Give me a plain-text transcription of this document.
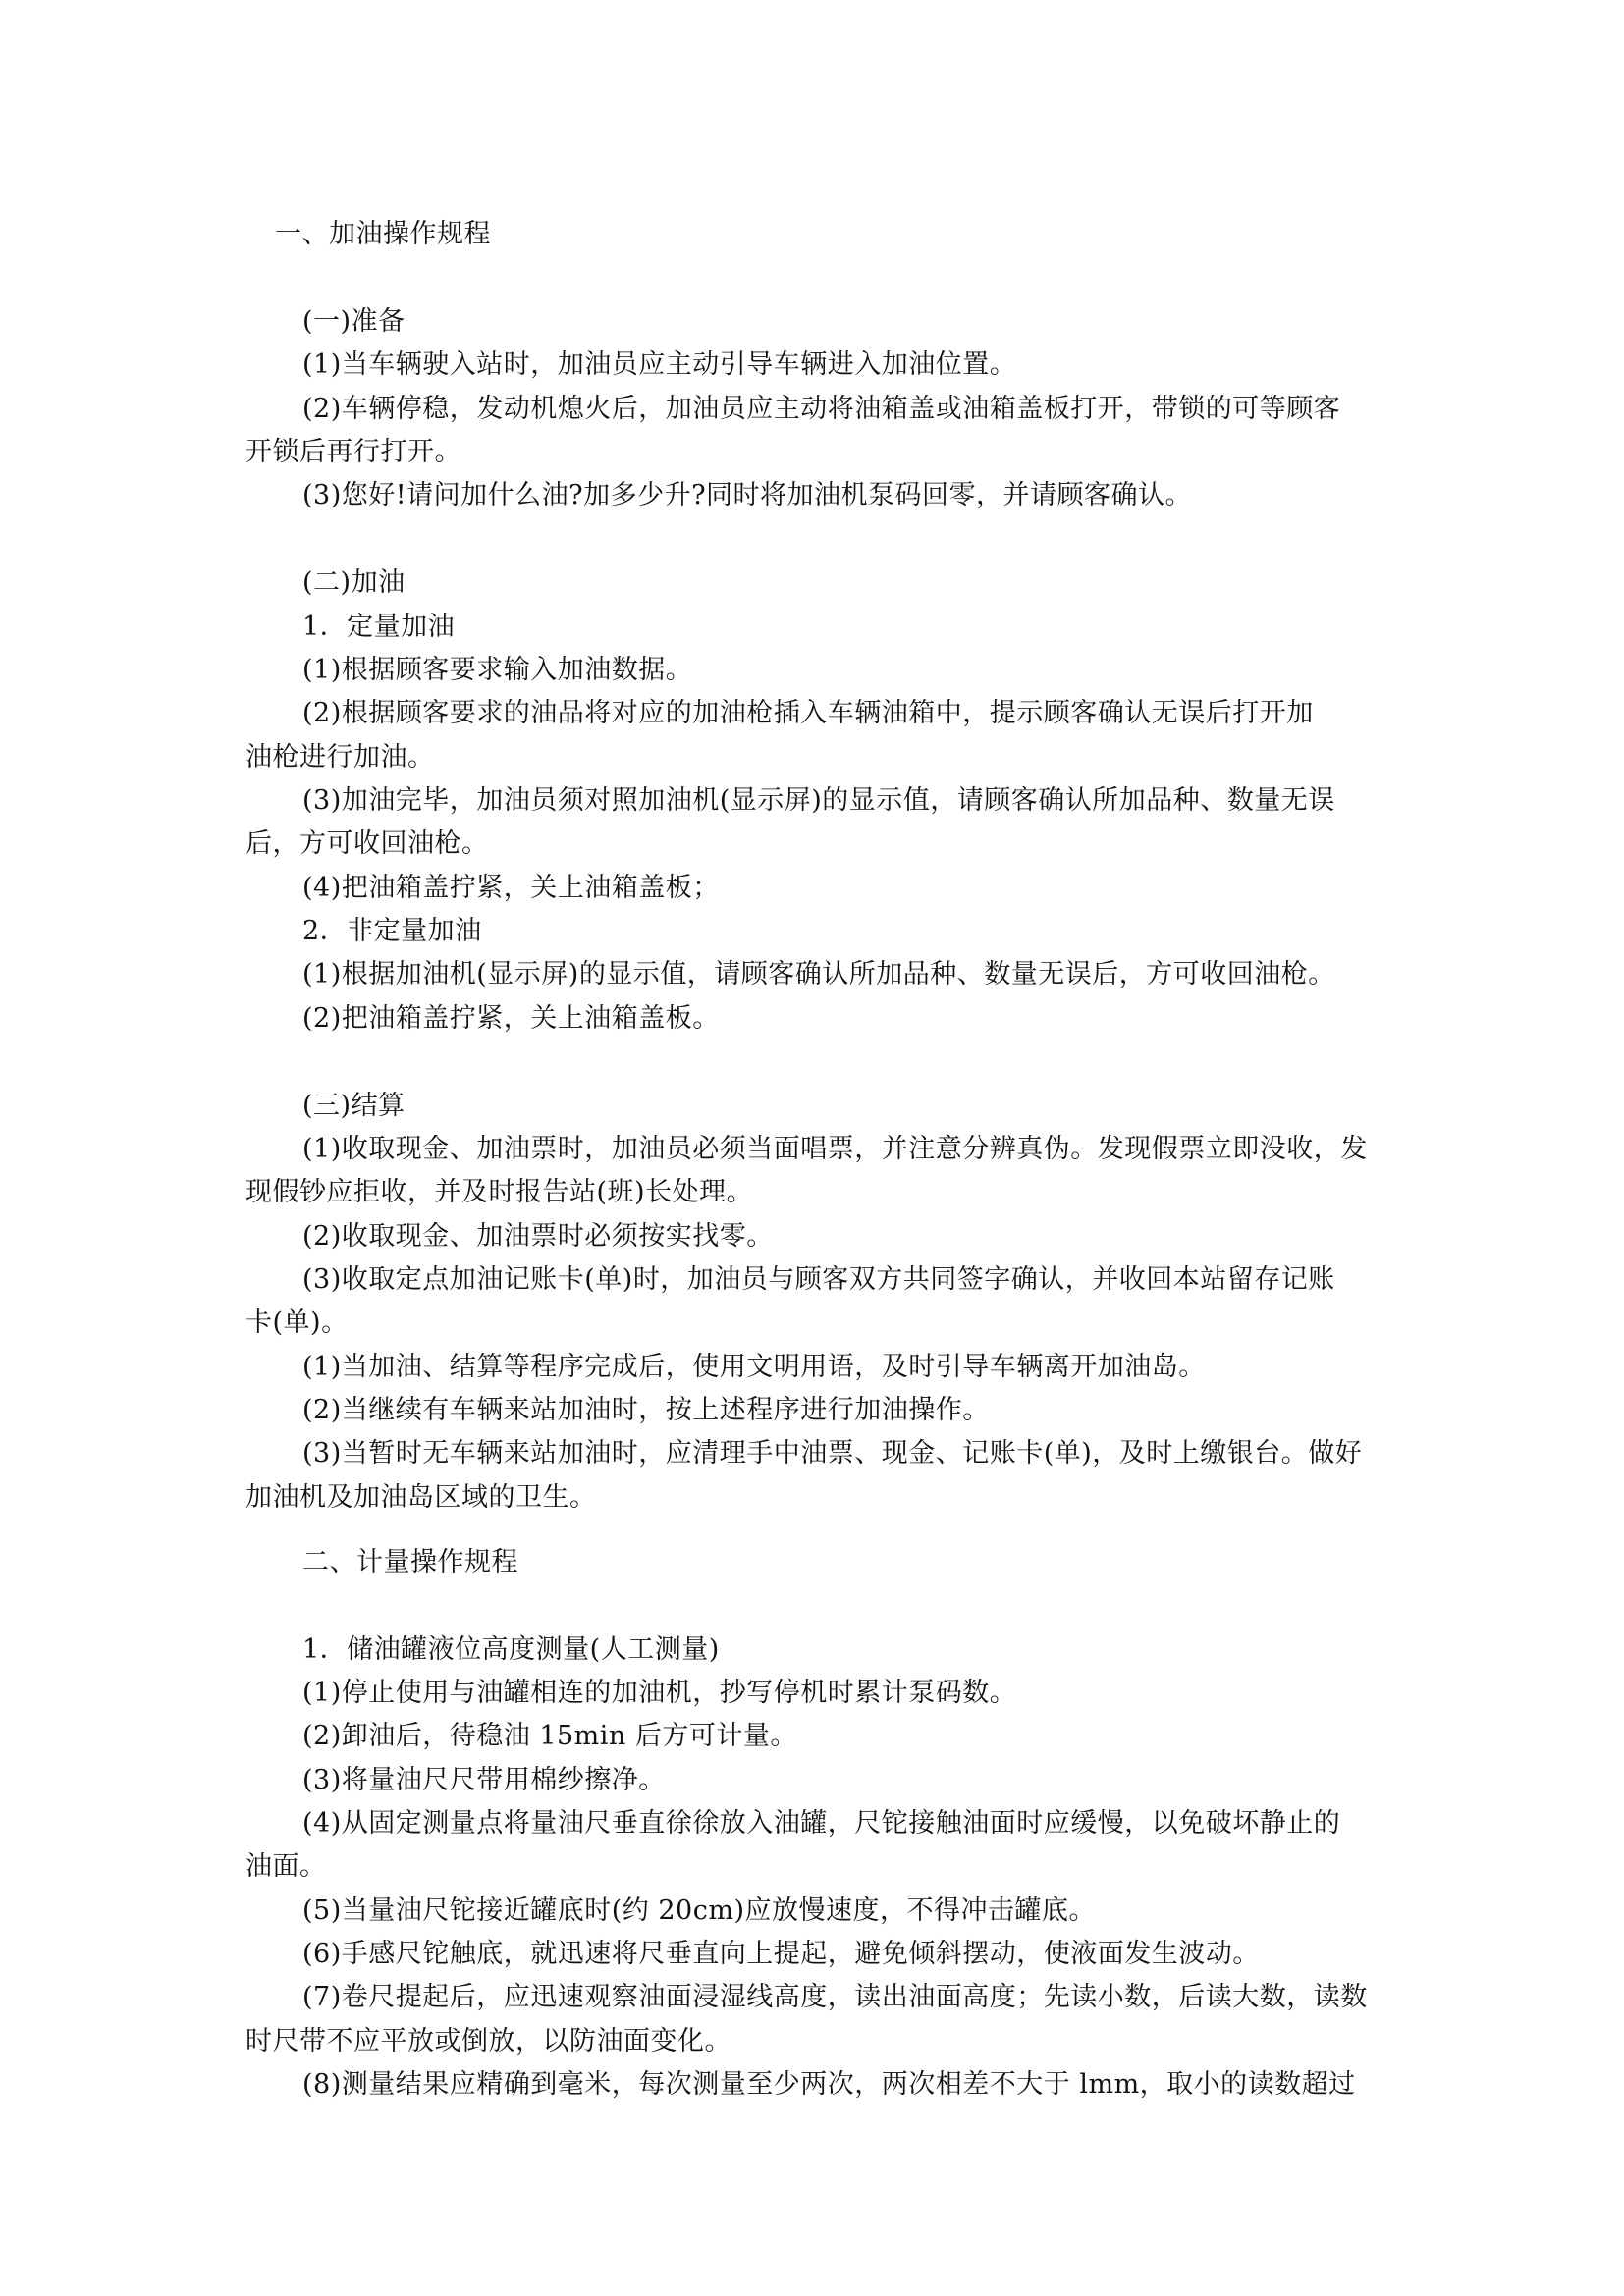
一、加油操作规程
(一)准备
(1)当车辆驶入站时，加油员应主动引导车辆进入加油位置。
(2)车辆停稳，发动机熄火后，加油员应主动将油箱盖或油箱盖板打开，带锁的可等顾客
开锁后再行打开。
(3)您好!请问加什么油?加多少升?同时将加油机泵码回零，并请顾客确认。
(二)加油
1．定量加油
(1)根据顾客要求输入加油数据。
(2)根据顾客要求的油品将对应的加油枪插入车辆油箱中，提示顾客确认无误后打开加
油枪进行加油。
(3)加油完毕，加油员须对照加油机(显示屏)的显示值，请顾客确认所加品种、数量无误
后，方可收回油枪。
(4)把油箱盖拧紧，关上油箱盖板；
2．非定量加油
(1)根据加油机(显示屏)的显示值，请顾客确认所加品种、数量无误后，方可收回油枪。
(2)把油箱盖拧紧，关上油箱盖板。
(三)结算
(1)收取现金、加油票时，加油员必须当面唱票，并注意分辨真伪。发现假票立即没收，发
现假钞应拒收，并及时报告站(班)长处理。
(2)收取现金、加油票时必须按实找零。
(3)收取定点加油记账卡(单)时，加油员与顾客双方共同签字确认，并收回本站留存记账
卡(单)。
(1)当加油、结算等程序完成后，使用文明用语，及时引导车辆离开加油岛。
(2)当继续有车辆来站加油时，按上述程序进行加油操作。
(3)当暂时无车辆来站加油时，应清理手中油票、现金、记账卡(单)，及时上缴银台。做好
加油机及加油岛区域的卫生。
二、计量操作规程
1．储油罐液位高度测量(人工测量)
(1)停止使用与油罐相连的加油机，抄写停机时累计泵码数。
(2)卸油后，待稳油 15min 后方可计量。
(3)将量油尺尺带用棉纱擦净。
(4)从固定测量点将量油尺垂直徐徐放入油罐，尺铊接触油面时应缓慢，以免破坏静止的
油面。
(5)当量油尺铊接近罐底时(约 20cm)应放慢速度，不得冲击罐底。
(6)手感尺铊触底，就迅速将尺垂直向上提起，避免倾斜摆动，使液面发生波动。
(7)卷尺提起后，应迅速观察油面浸湿线高度，读出油面高度；先读小数，后读大数，读数
时尺带不应平放或倒放，以防油面变化。
(8)测量结果应精确到毫米，每次测量至少两次，两次相差不大于 lmm，取小的读数超过
